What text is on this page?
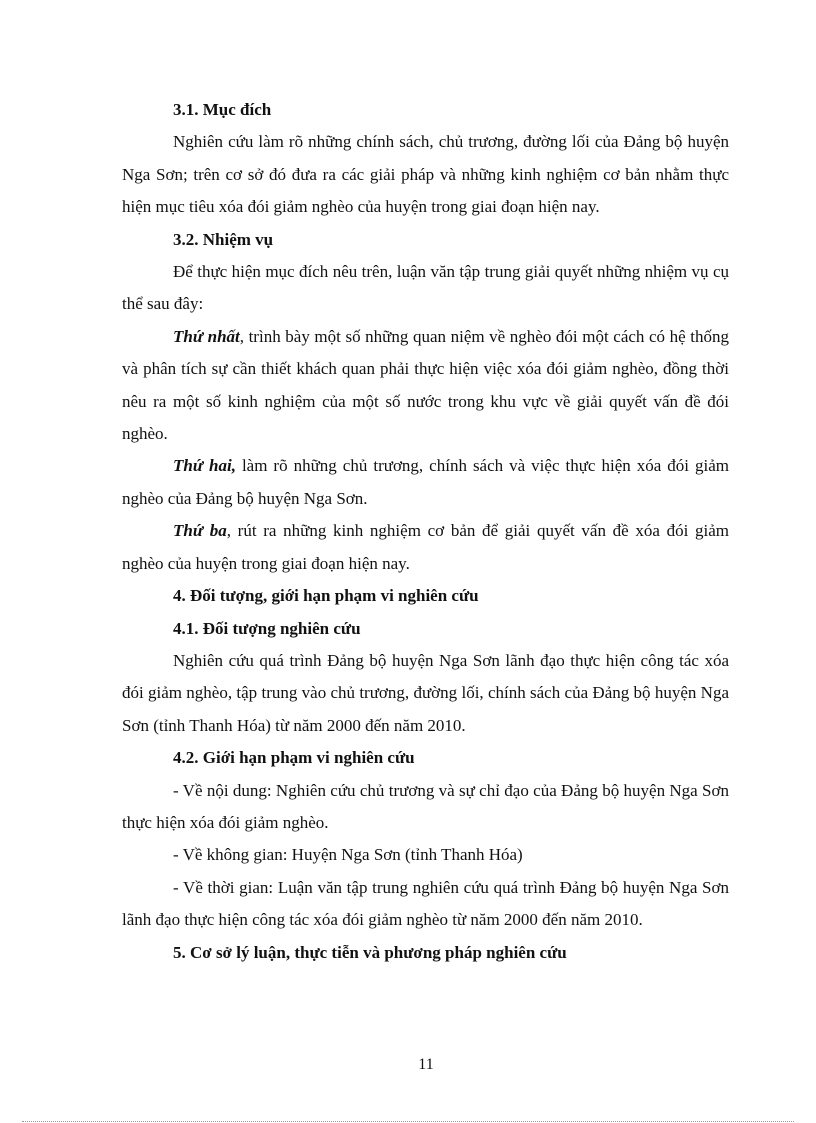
3.1. Mục đích

Nghiên cứu làm rõ những chính sách, chủ trương, đường lối của Đảng bộ huyện Nga Sơn; trên cơ sở đó đưa ra các giải pháp và những kinh nghiệm cơ bản nhằm thực hiện mục tiêu xóa đói giảm nghèo của huyện trong giai đoạn hiện nay.

3.2. Nhiệm vụ

Để thực hiện mục đích nêu trên, luận văn tập trung giải quyết những nhiệm vụ cụ thể sau đây:

Thứ nhất, trình bày một số những quan niệm về nghèo đói một cách có hệ thống và phân tích sự cần thiết khách quan phải thực hiện việc xóa đói giảm nghèo, đồng thời nêu ra một số kinh nghiệm của một số nước trong khu vực về giải quyết vấn đề đói nghèo.

Thứ hai, làm rõ những chủ trương, chính sách và việc thực hiện xóa đói giảm nghèo của Đảng bộ huyện Nga Sơn.

Thứ ba, rút ra những kinh nghiệm cơ bản để giải quyết vấn đề xóa đói giảm nghèo của huyện trong giai đoạn hiện nay.

4. Đối tượng, giới hạn phạm vi nghiên cứu

4.1. Đối tượng nghiên cứu

Nghiên cứu quá trình Đảng bộ huyện Nga Sơn lãnh đạo thực hiện công tác xóa đói giảm nghèo, tập trung vào chủ trương, đường lối, chính sách của Đảng bộ huyện Nga Sơn (tỉnh Thanh Hóa) từ năm 2000 đến năm 2010.

4.2. Giới hạn phạm vi nghiên cứu

- Về nội dung: Nghiên cứu chủ trương và sự chỉ đạo của Đảng bộ huyện Nga Sơn thực hiện xóa đói giảm nghèo.

- Về không gian: Huyện Nga Sơn (tỉnh Thanh Hóa)

- Về thời gian: Luận văn tập trung nghiên cứu quá trình Đảng bộ huyện Nga Sơn lãnh đạo thực hiện công tác xóa đói giảm nghèo từ năm 2000 đến năm 2010.

5. Cơ sở lý luận, thực tiễn và phương pháp nghiên cứu

11
